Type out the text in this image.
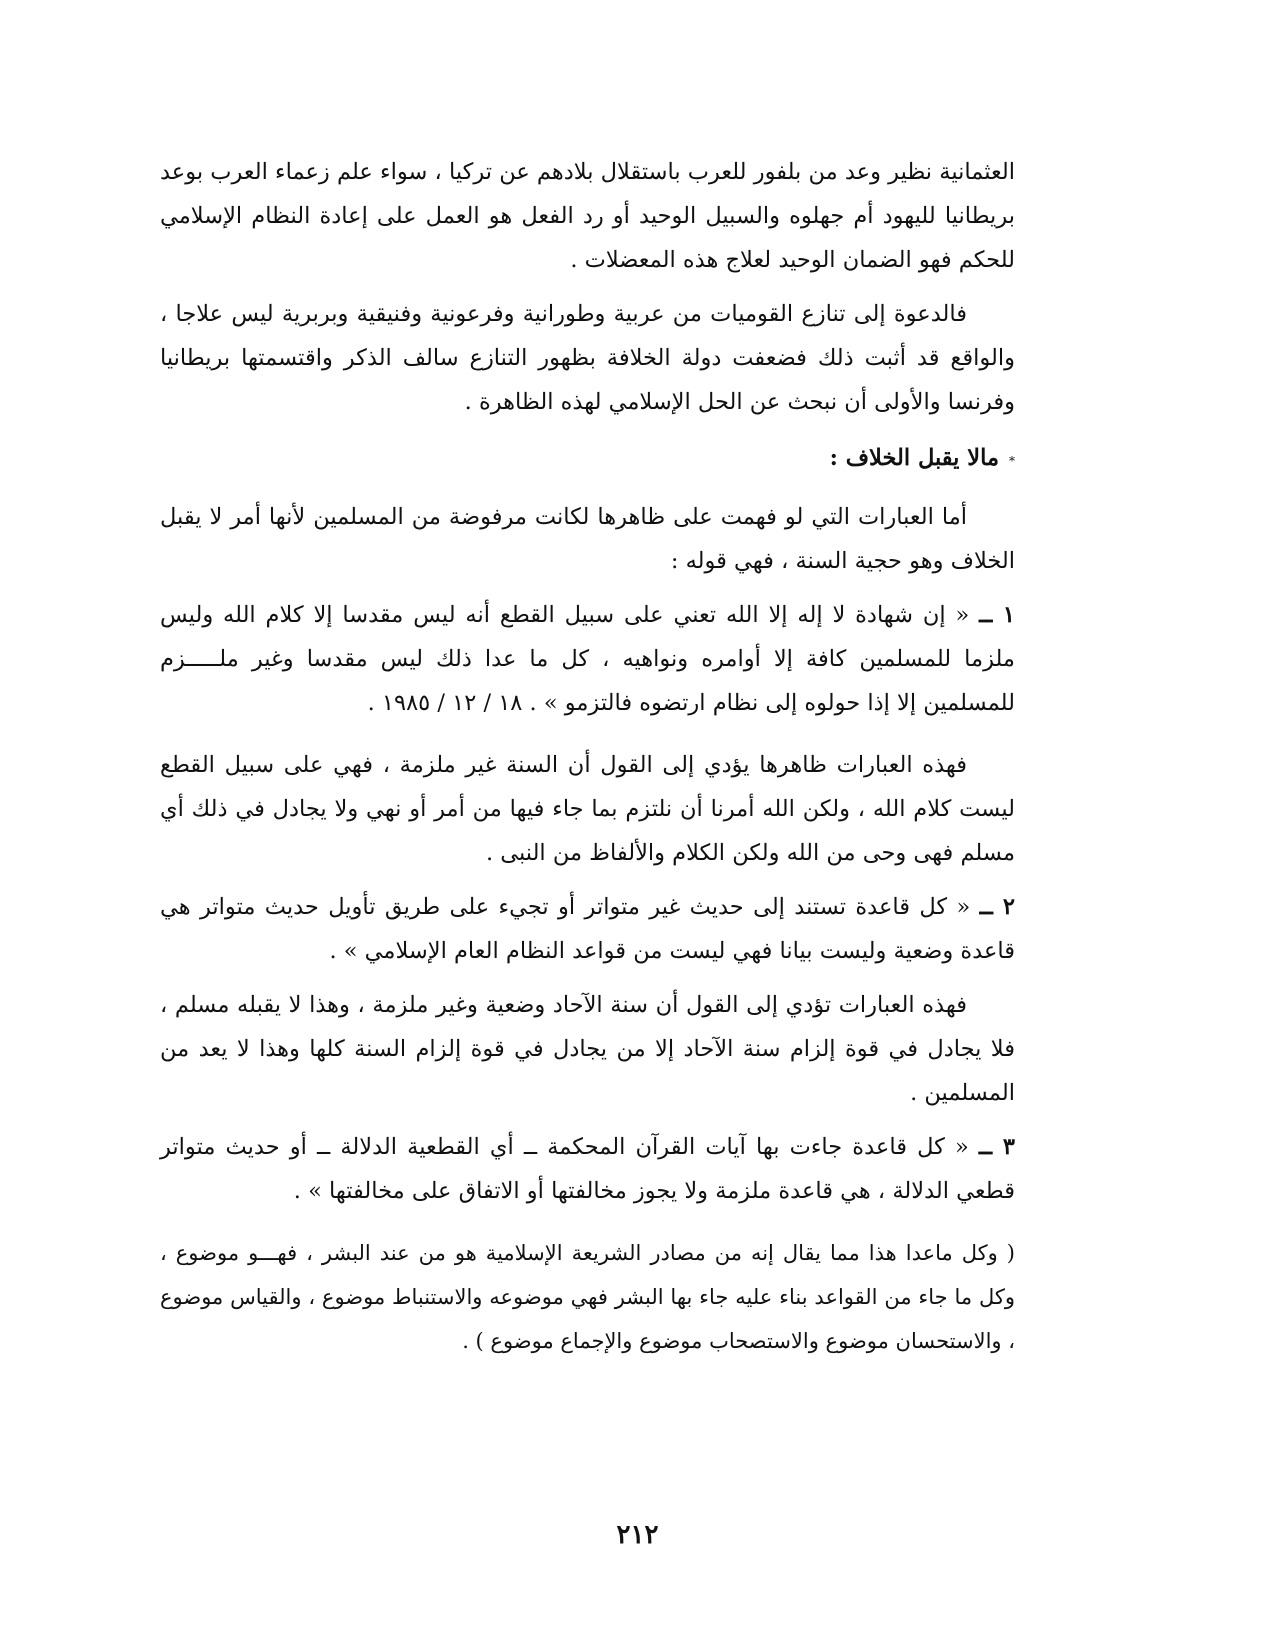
العثمانية نظير وعد من بلفور للعرب باستقلال بلادهم عن تركيا ، سواء علم زعماء العرب بوعد بريطانيا لليهود أم جهلوه والسبيل الوحيد أو رد الفعل هو العمل على إعادة النظام الإسلامي للحكم فهو الضمان الوحيد لعلاج هذه المعضلات .

فالدعوة إلى تنازع القوميات من عربية وطورانية وفرعونية وفنيقية وبربرية ليس علاجا ، والواقع قد أثبت ذلك فضعفت دولة الخلافة بظهور التنازع سالف الذكر واقتسمتها بريطانيا وفرنسا والأولى أن نبحث عن الحل الإسلامي لهذه الظاهرة .

*مالا يقبل الخلاف :

أما العبارات التي لو فهمت على ظاهرها لكانت مرفوضة من المسلمين لأنها أمر لا يقبل الخلاف وهو حجية السنة ، فهي قوله :

١ ــ « إن شهادة لا إله إلا الله تعني على سبيل القطع أنه ليس مقدسا إلا كلام الله وليس ملزما للمسلمين كافة إلا أوامره ونواهيه ، كل ما عدا ذلك ليس مقدسا وغير ملـــــزم للمسلمين إلا إذا حولوه إلى نظام ارتضوه فالتزمو » . ١٨ / ١٢ / ١٩٨٥ .

فهذه العبارات ظاهرها يؤدي إلى القول أن السنة غير ملزمة ، فهي على سبيل القطع ليست كلام الله ، ولكن الله أمرنا أن نلتزم بما جاء فيها من أمر أو نهي ولا يجادل في ذلك أي مسلم فهى وحى من الله ولكن الكلام والألفاظ من النبى .

٢ ــ « كل قاعدة تستند إلى حديث غير متواتر أو تجيء على طريق تأويل حديث متواتر هي قاعدة وضعية وليست بيانا فهي ليست من قواعد النظام العام الإسلامي » .

فهذه العبارات تؤدي إلى القول أن سنة الآحاد وضعية وغير ملزمة ، وهذا لا يقبله مسلم ، فلا يجادل في قوة إلزام سنة الآحاد إلا من يجادل في قوة إلزام السنة كلها وهذا لا يعد من المسلمين .

٣ ــ « كل قاعدة جاءت بها آيات القرآن المحكمة ــ أي القطعية الدلالة ــ أو حديث متواتر قطعي الدلالة ، هي قاعدة ملزمة ولا يجوز مخالفتها أو الاتفاق على مخالفتها » .

( وكل ماعدا هذا مما يقال إنه من مصادر الشريعة الإسلامية هو من عند البشر ، فهـــو موضوع ، وكل ما جاء من القواعد بناء عليه جاء بها البشر فهي موضوعه والاستنباط موضوع ، والقياس موضوع ، والاستحسان موضوع والاستصحاب موضوع والإجماع موضوع ) .

٢١٢
